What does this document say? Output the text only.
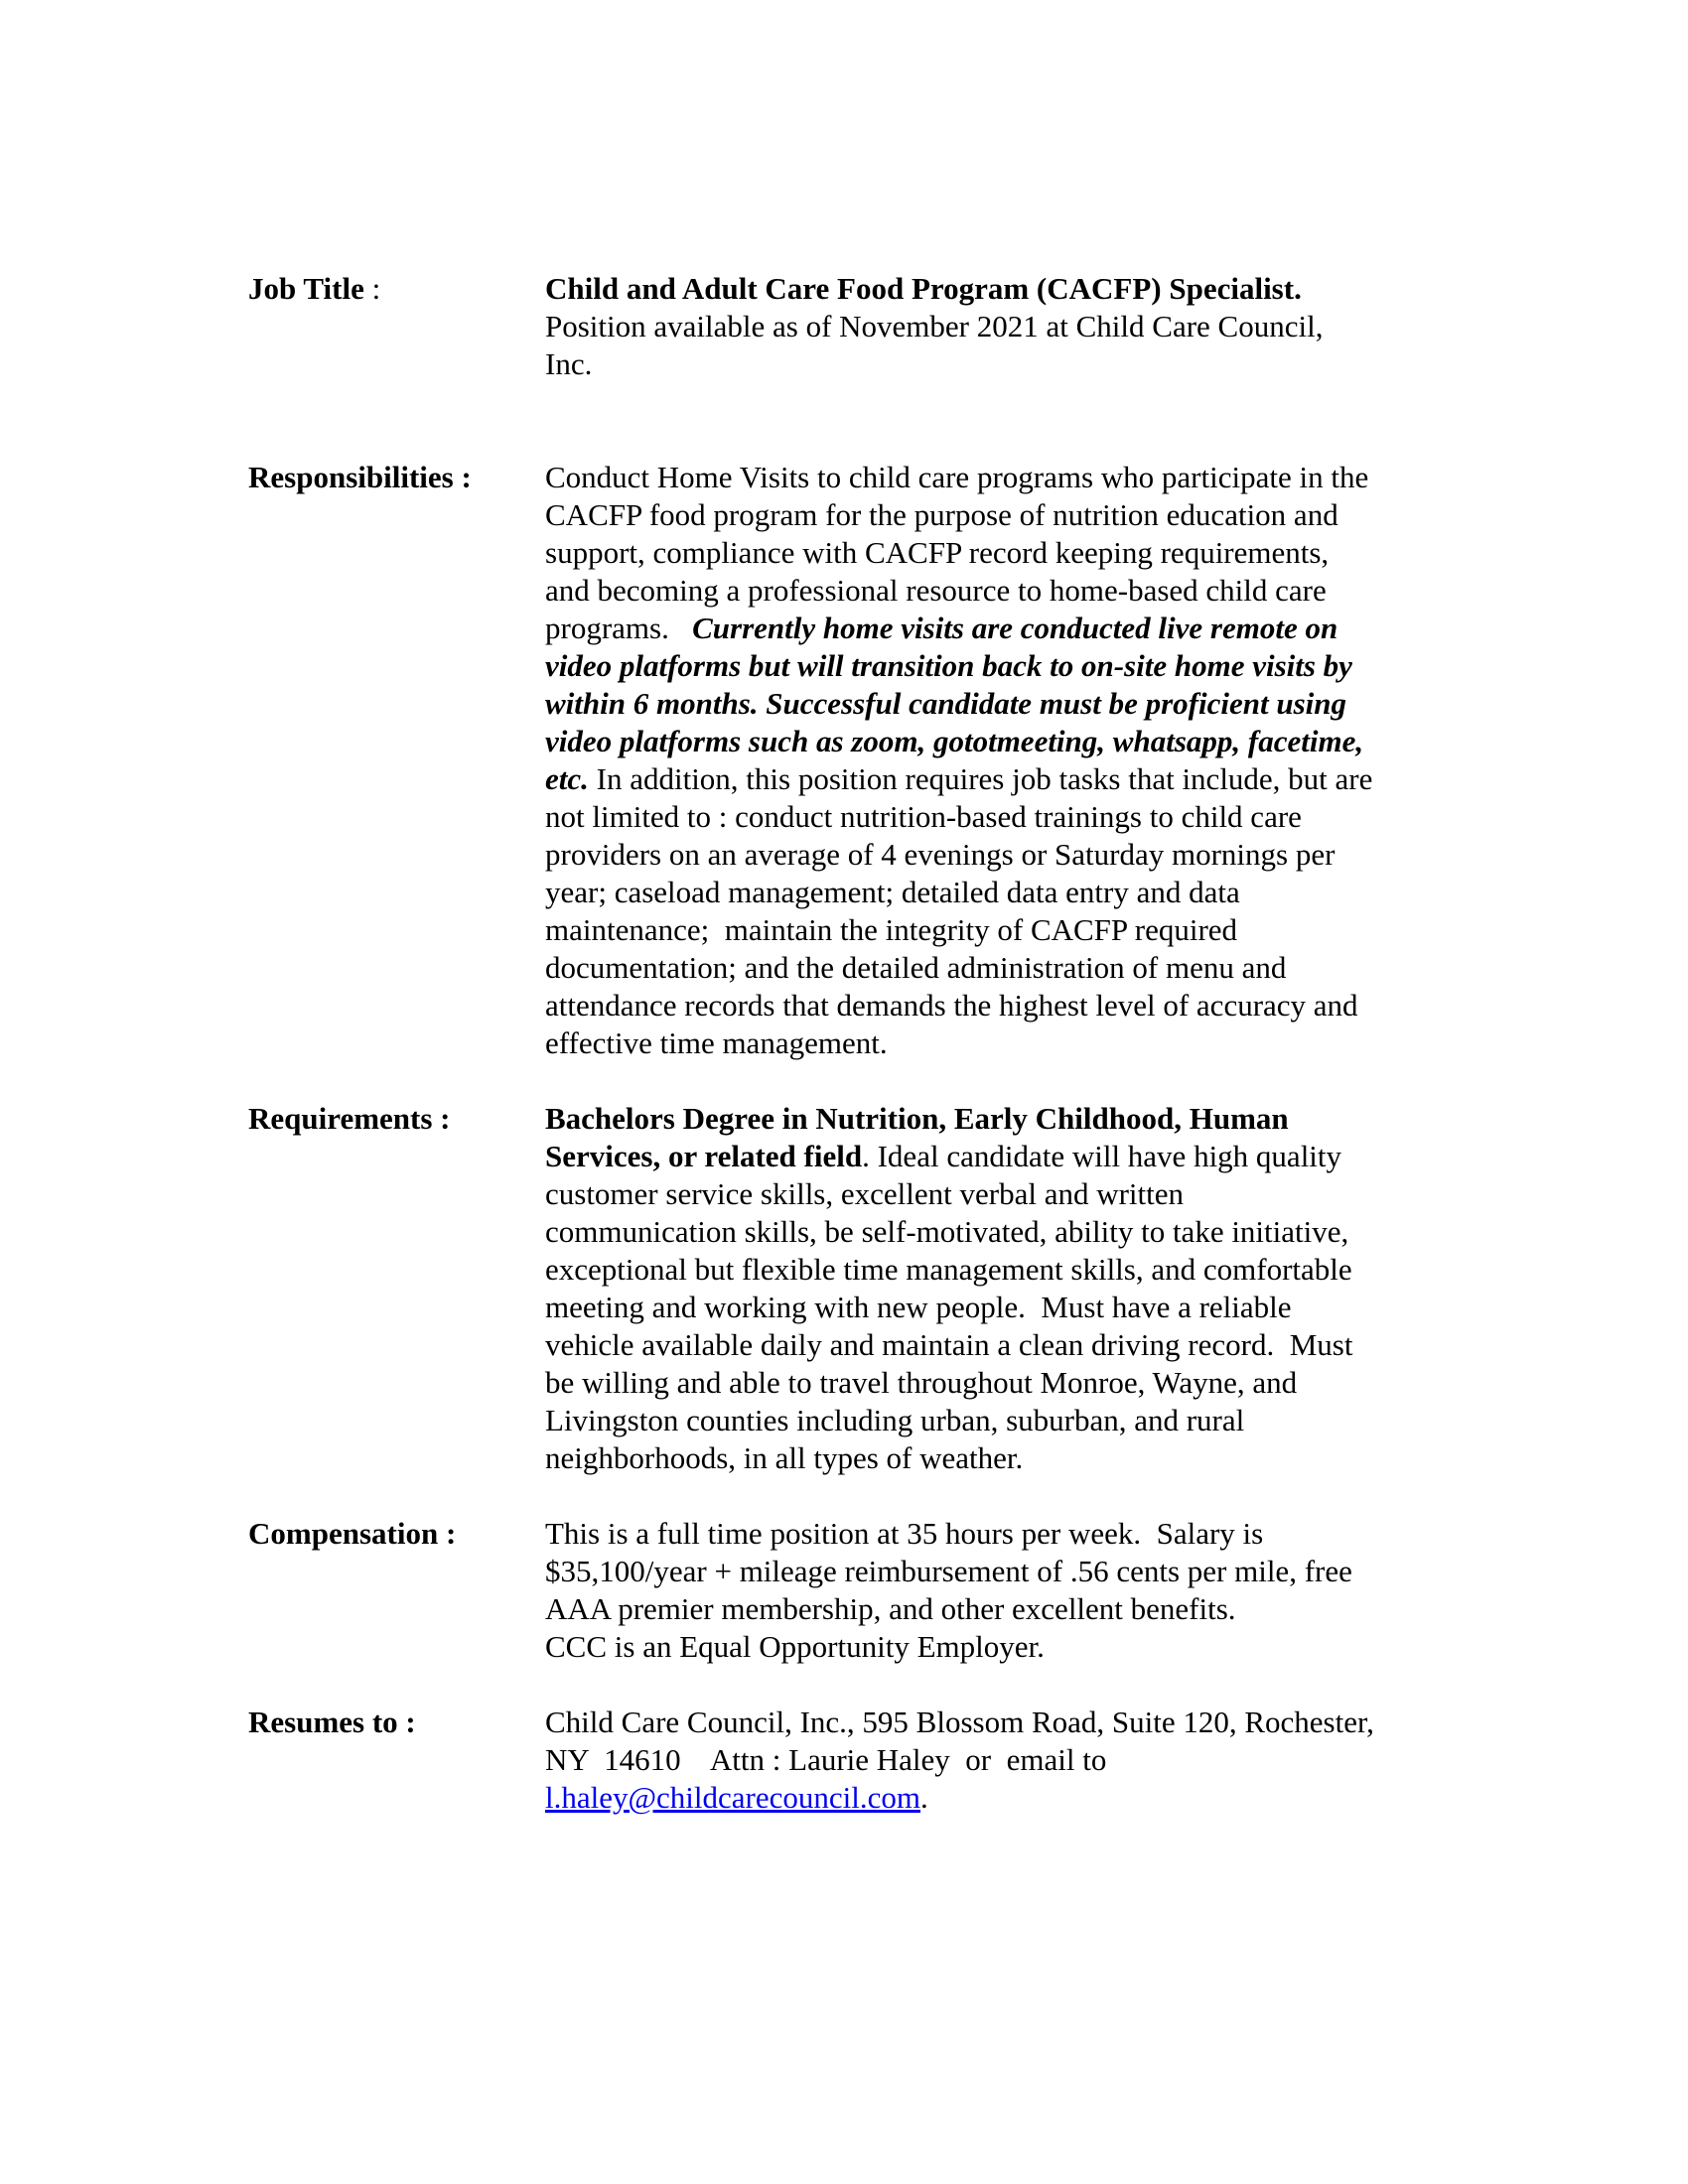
Job Title :	Child and Adult Care Food Program (CACFP) Specialist.
Position available as of November 2021 at Child Care Council,
Inc.
Responsibilities :	Conduct Home Visits to child care programs who participate in the
CACFP food program for the purpose of nutrition education and
support, compliance with CACFP record keeping requirements,
and becoming a professional resource to home-based child care
programs.   Currently home visits are conducted live remote on
video platforms but will transition back to on-site home visits by
within 6 months. Successful candidate must be proficient using
video platforms such as zoom, gototmeeting, whatsapp, facetime,
etc. In addition, this position requires job tasks that include, but are
not limited to : conduct nutrition-based trainings to child care
providers on an average of 4 evenings or Saturday mornings per
year; caseload management; detailed data entry and data
maintenance;  maintain the integrity of CACFP required
documentation; and the detailed administration of menu and
attendance records that demands the highest level of accuracy and
effective time management.
Requirements :	Bachelors Degree in Nutrition, Early Childhood, Human
Services, or related field. Ideal candidate will have high quality
customer service skills, excellent verbal and written
communication skills, be self-motivated, ability to take initiative,
exceptional but flexible time management skills, and comfortable
meeting and working with new people.  Must have a reliable
vehicle available daily and maintain a clean driving record.  Must
be willing and able to travel throughout Monroe, Wayne, and
Livingston counties including urban, suburban, and rural
neighborhoods, in all types of weather.
Compensation :	This is a full time position at 35 hours per week.  Salary is
$35,100/year + mileage reimbursement of .56 cents per mile, free
AAA premier membership, and other excellent benefits.
CCC is an Equal Opportunity Employer.
Resumes to :	Child Care Council, Inc., 595 Blossom Road, Suite 120, Rochester,
NY  14610    Attn : Laurie Haley  or  email to
l.haley@childcarecouncil.com.
